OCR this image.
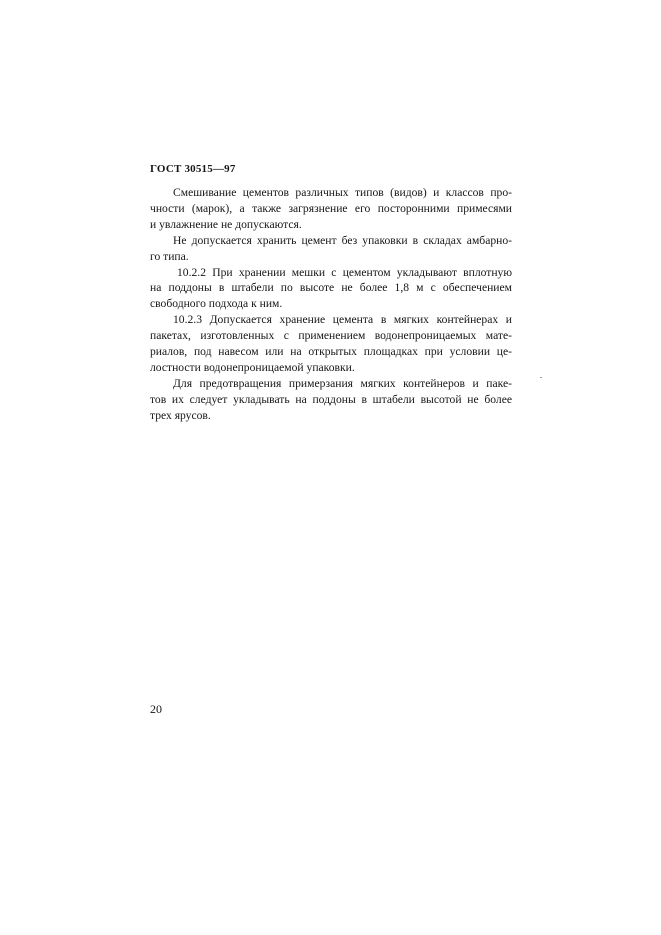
ГОСТ 30515—97

Смешивание цементов различных типов (видов) и классов про-
чности (марок), а также загрязнение его посторонними примесями
и увлажнение не допускаются.

Не допускается хранить цемент без упаковки в складах амбарно-
го типа.

10.2.2 При хранении мешки с цементом укладывают вплотную
на поддоны в штабели по высоте не более 1,8 м с обеспечением
свободного подхода к ним.

10.2.3 Допускается хранение цемента в мягких контейнерах и
пакетах, изготовленных с применением водонепроницаемых мате-
риалов, под навесом или на открытых площадках при условии це-
лостности водонепроницаемой упаковки.

Для предотвращения примерзания мягких контейнеров и паке-
тов их следует укладывать на поддоны в штабели высотой не более
трех ярусов.

20
